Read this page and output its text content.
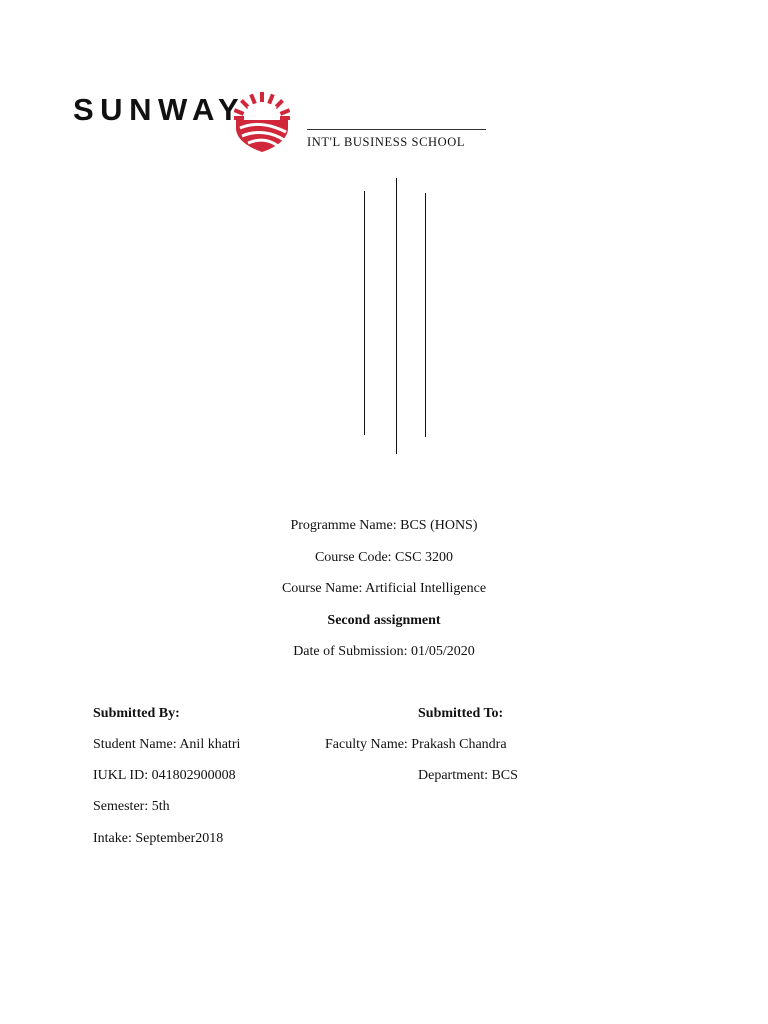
SUNWAY
INT'L BUSINESS SCHOOL
Programme Name: BCS (HONS)
Course Code: CSC 3200
Course Name: Artificial Intelligence
Second assignment
Date of Submission: 01/05/2020
Submitted By:
Student Name: Anil khatri
IUKL ID: 041802900008
Semester: 5th
Intake: September2018
Submitted To:
Faculty Name: Prakash Chandra
Department: BCS
